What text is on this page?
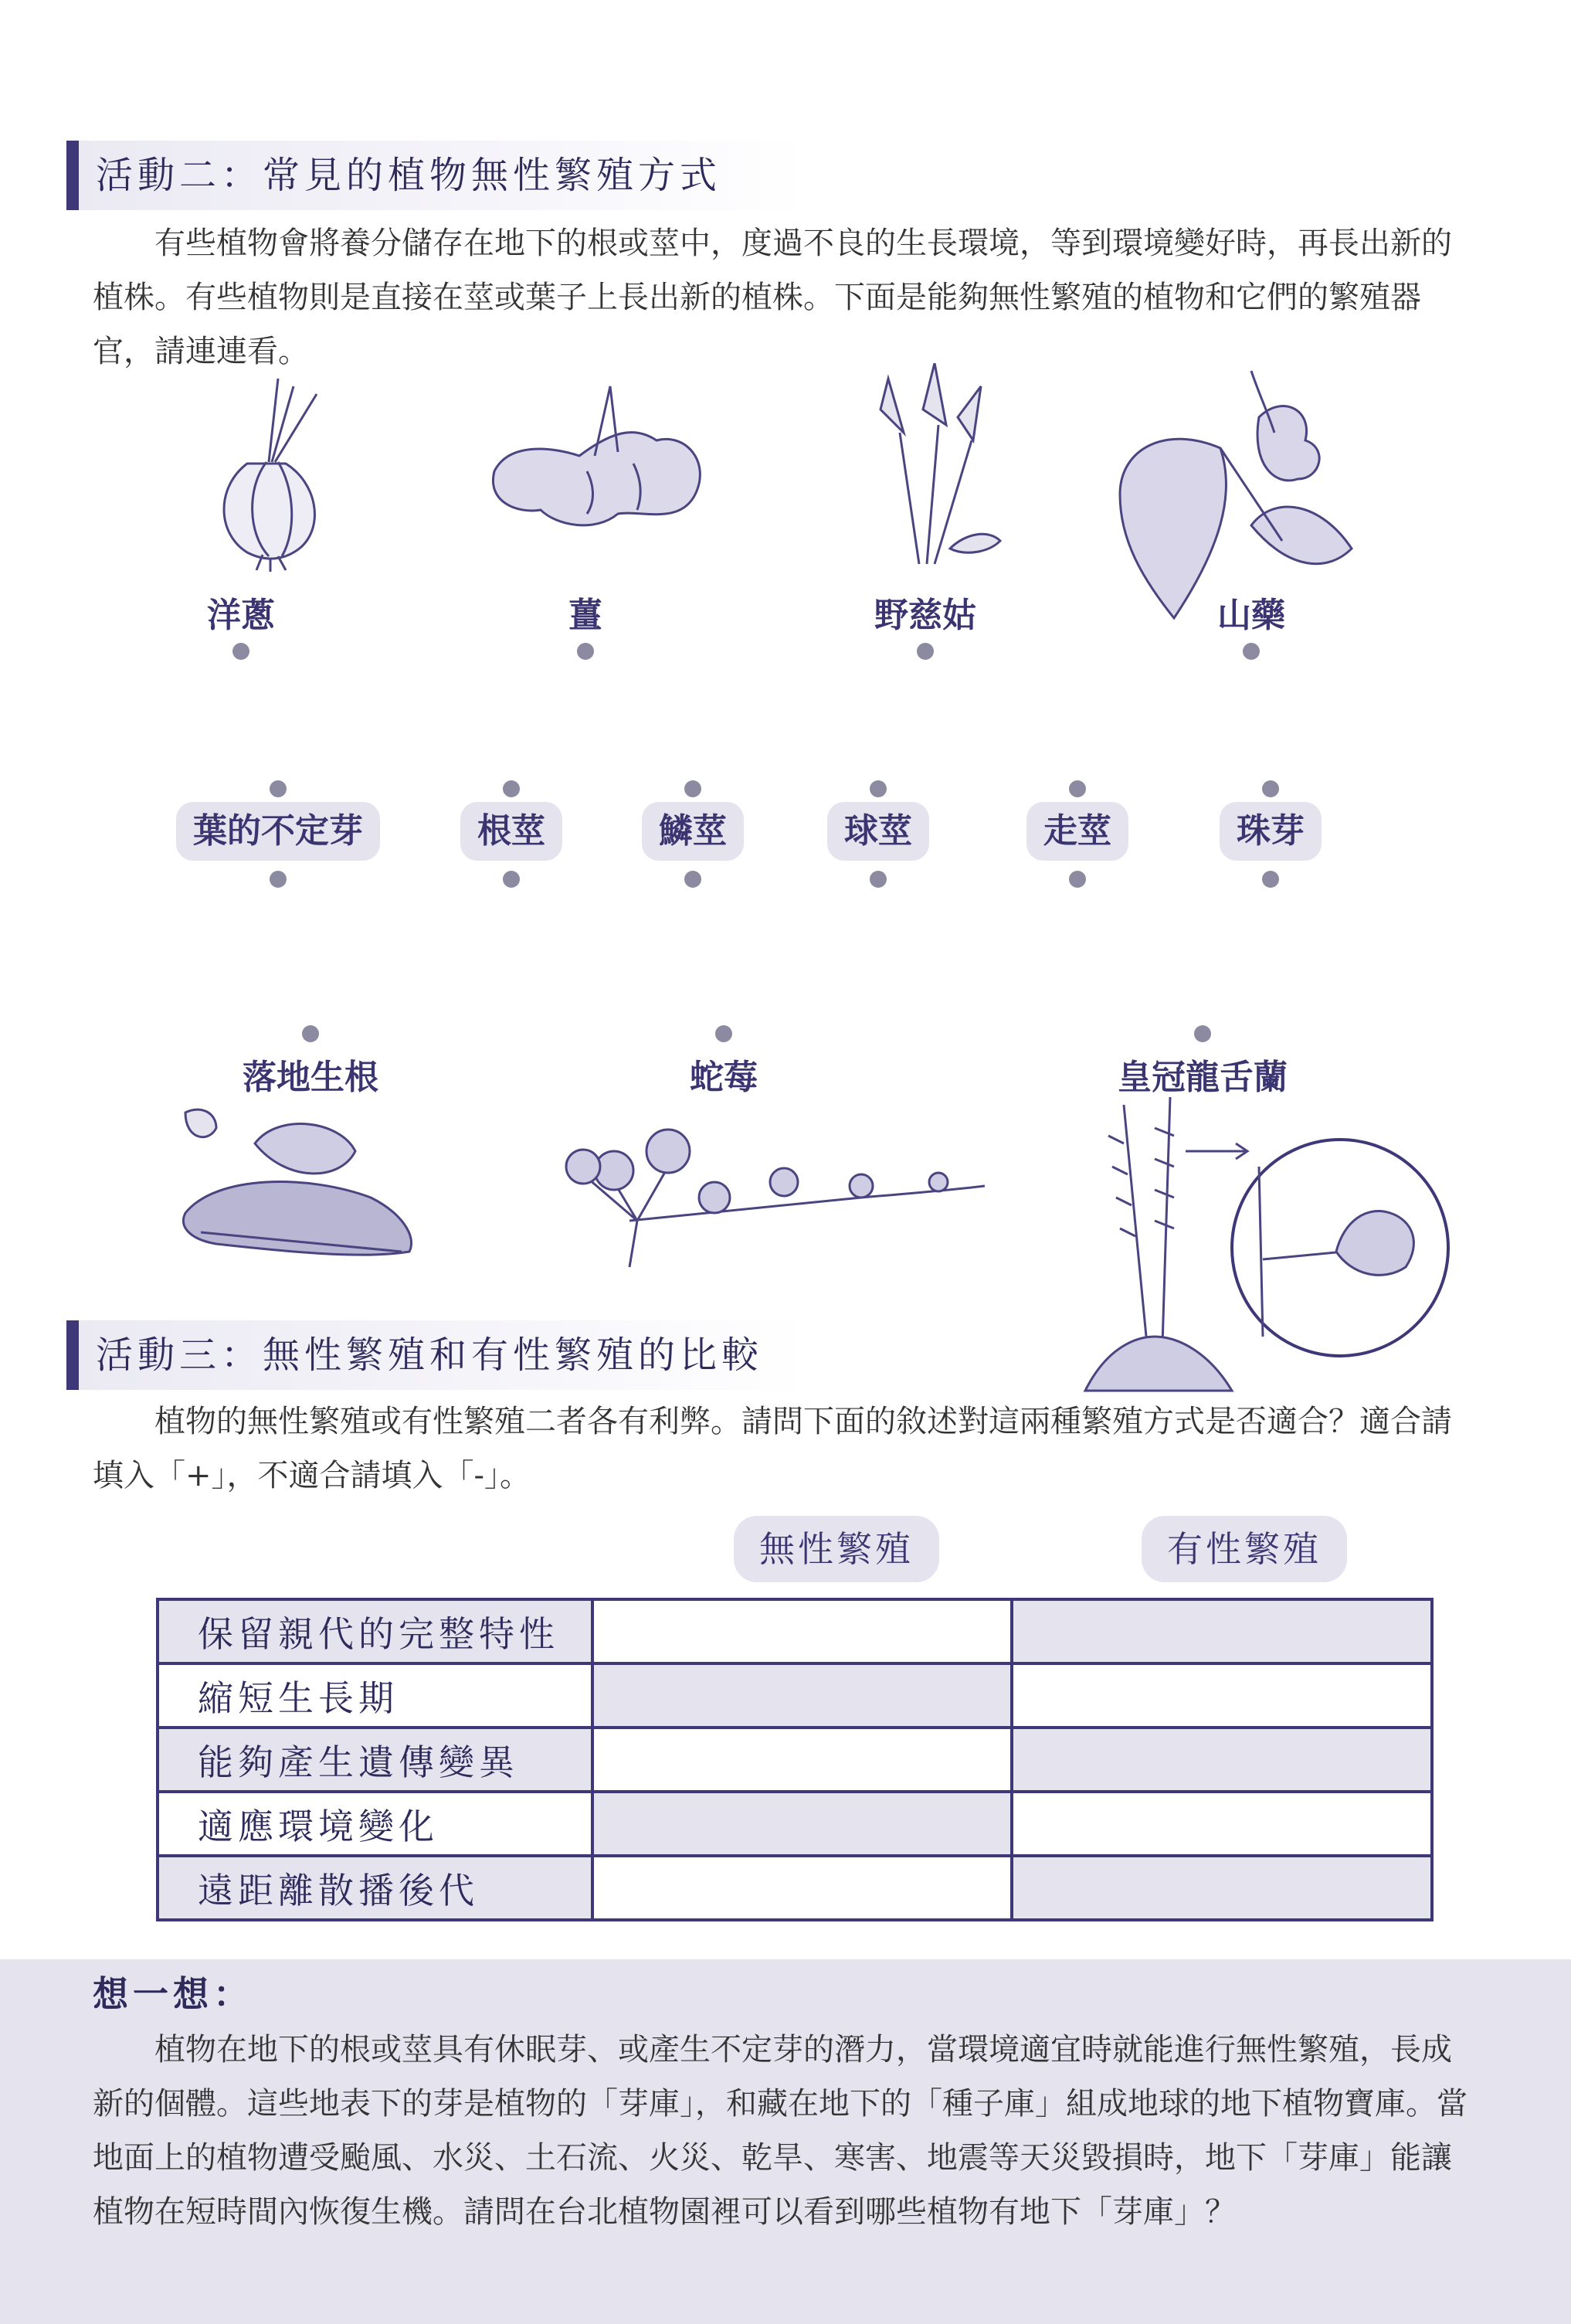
活動二：常見的植物無性繁殖方式

有些植物會將養分儲存在地下的根或莖中，度過不良的生長環境，等到環境變好時，再長出新的植株。有些植物則是直接在莖或葉子上長出新的植株。下面是能夠無性繁殖的植物和它們的繁殖器官，請連連看。

洋蔥	薑	野慈姑	山藥
葉的不定芽	根莖	鱗莖	球莖	走莖	珠芽
落地生根	蛇莓	皇冠龍舌蘭
活動三：無性繁殖和有性繁殖的比較

植物的無性繁殖或有性繁殖二者各有利弊。請問下面的敘述對這兩種繁殖方式是否適合？適合請填入「+」，不適合請填入「-」。

無性繁殖	有性繁殖
保留親代的完整特性		
縮短生長期		
能夠產生遺傳變異		
適應環境變化		
遠距離散播後代		
想一想：

植物在地下的根或莖具有休眠芽、或產生不定芽的潛力，當環境適宜時就能進行無性繁殖，長成新的個體。這些地表下的芽是植物的「芽庫」，和藏在地下的「種子庫」組成地球的地下植物寶庫。當地面上的植物遭受颱風、水災、土石流、火災、乾旱、寒害、地震等天災毀損時，地下「芽庫」能讓植物在短時間內恢復生機。請問在台北植物園裡可以看到哪些植物有地下「芽庫」？
